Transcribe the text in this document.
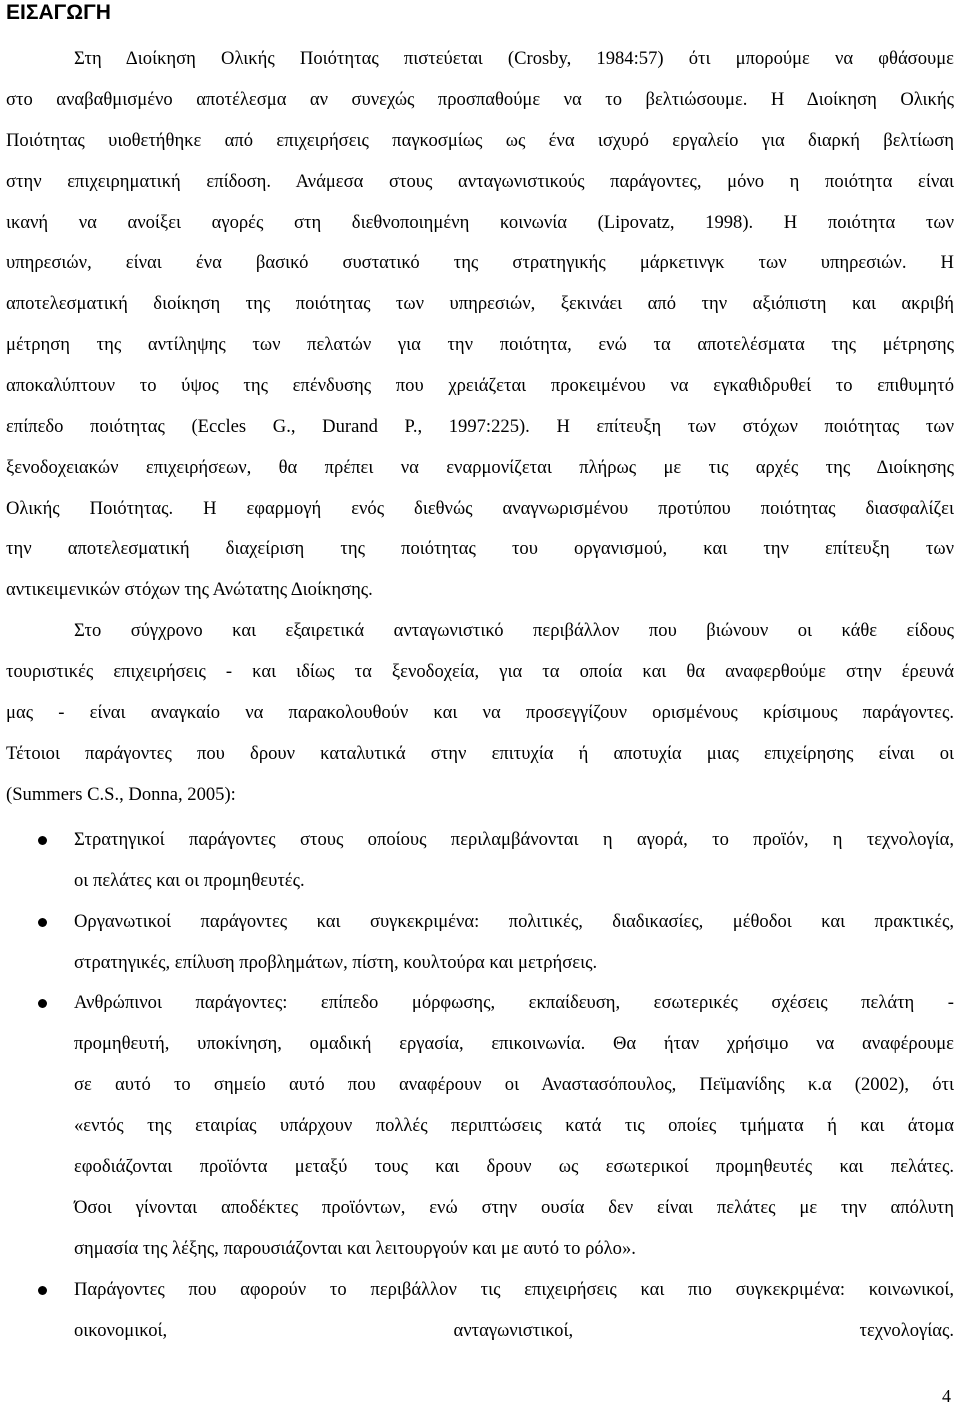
ΕΙΣΑΓΩΓΗ
Στη Διοίκηση Ολικής Ποιότητας πιστεύεται (Crosby, 1984:57) ότι μπορούμε να φθάσουμε
στο αναβαθμισμένο αποτέλεσμα αν συνεχώς προσπαθούμε να το βελτιώσουμε. Η Διοίκηση Ολικής
Ποιότητας υιοθετήθηκε από επιχειρήσεις παγκοσμίως ως ένα ισχυρό εργαλείο για διαρκή βελτίωση
στην επιχειρηματική επίδοση. Ανάμεσα στους ανταγωνιστικούς παράγοντες, μόνο η ποιότητα είναι
ικανή να ανοίξει αγορές στη διεθνοποιημένη κοινωνία (Lipovatz, 1998). Η ποιότητα των
υπηρεσιών, είναι ένα βασικό συστατικό της στρατηγικής μάρκετινγκ των υπηρεσιών. Η
αποτελεσματική διοίκηση της ποιότητας των υπηρεσιών, ξεκινάει από την αξιόπιστη και ακριβή
μέτρηση της αντίληψης των πελατών για την ποιότητα, ενώ τα αποτελέσματα της μέτρησης
αποκαλύπτουν το ύψος της επένδυσης που χρειάζεται προκειμένου να εγκαθιδρυθεί το επιθυμητό
επίπεδο ποιότητας (Eccles G., Durand P., 1997:225). Η επίτευξη των στόχων ποιότητας των
ξενοδοχειακών επιχειρήσεων, θα πρέπει να εναρμονίζεται πλήρως με τις αρχές της Διοίκησης
Ολικής Ποιότητας. Η εφαρμογή ενός διεθνώς αναγνωρισμένου προτύπου ποιότητας διασφαλίζει
την αποτελεσματική διαχείριση της ποιότητας του οργανισμού, και την επίτευξη των
αντικειμενικών στόχων της Ανώτατης Διοίκησης.
Στο σύγχρονο και εξαιρετικά ανταγωνιστικό περιβάλλον που βιώνουν οι κάθε είδους
τουριστικές επιχειρήσεις - και ιδίως τα ξενοδοχεία, για τα οποία και θα αναφερθούμε στην έρευνά
μας - είναι αναγκαίο να παρακολουθούν και να προσεγγίζουν ορισμένους κρίσιμους παράγοντες.
Τέτοιοι παράγοντες που δρουν καταλυτικά στην επιτυχία ή αποτυχία μιας επιχείρησης είναι οι
(Summers C.S., Donna, 2005):
Στρατηγικοί παράγοντες στους οποίους περιλαμβάνονται η αγορά, το προϊόν, η τεχνολογία,
οι πελάτες και οι προμηθευτές.
Οργανωτικοί παράγοντες και συγκεκριμένα: πολιτικές, διαδικασίες, μέθοδοι και πρακτικές,
στρατηγικές, επίλυση προβλημάτων, πίστη, κουλτούρα και μετρήσεις.
Ανθρώπινοι παράγοντες: επίπεδο μόρφωσης, εκπαίδευση, εσωτερικές σχέσεις πελάτη -
προμηθευτή, υποκίνηση, ομαδική εργασία, επικοινωνία. Θα ήταν χρήσιμο να αναφέρουμε
σε αυτό το σημείο αυτό που αναφέρουν οι Αναστασόπουλος, Πεϊμανίδης κ.α (2002), ότι
«εντός της εταιρίας υπάρχουν πολλές περιπτώσεις κατά τις οποίες τμήματα ή και άτομα
εφοδιάζονται προϊόντα μεταξύ τους και δρουν ως εσωτερικοί προμηθευτές και πελάτες.
Όσοι γίνονται αποδέκτες προϊόντων, ενώ στην ουσία δεν είναι πελάτες με την απόλυτη
σημασία της λέξης, παρουσιάζονται και λειτουργούν και με αυτό το ρόλο».
Παράγοντες που αφορούν το περιβάλλον τις επιχειρήσεις και πιο συγκεκριμένα: κοινωνικοί,
οικονομικοί, ανταγωνιστικοί, τεχνολογίας.
4
